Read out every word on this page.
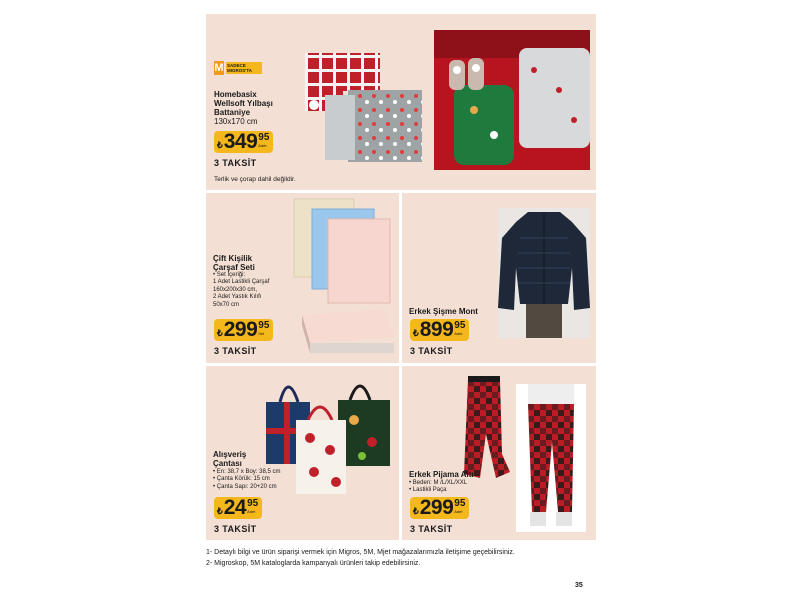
M SADECE MIGROS'TA
Homebasix
Wellsoft Yılbaşı
Battaniye
130x170 cm
₺ 349 95
Adet
3 TAKSİT
Terlik ve çorap dahil değildir.
Çift Kişilik
Çarşaf Seti
• Set İçeriği:
1 Adet Lastikli Çarşaf
160x200x30 cm,
2 Adet Yastık Kılıfı
50x70 cm
₺ 299 95
Set
3 TAKSİT
Erkek Şişme Mont
₺ 899 95
Adet
3 TAKSİT
Alışveriş
Çantası
• En: 38,7 x Boy: 38,5 cm
• Çanta Körük: 15 cm
• Çanta Sapı: 20+20 cm
₺ 24 95
Adet
3 TAKSİT
Erkek Pijama Altı
• Beden: M /L/XL/XXL
• Lastikli Paça
₺ 299 95
Adet
3 TAKSİT
1- Detaylı bilgi ve ürün siparişi vermek için Migros, 5M, Mjet mağazalarımızla iletişime geçebilirsiniz.
2- Migroskop, 5M kataloglarda kampanyalı ürünleri takip edebilirsiniz.
35
